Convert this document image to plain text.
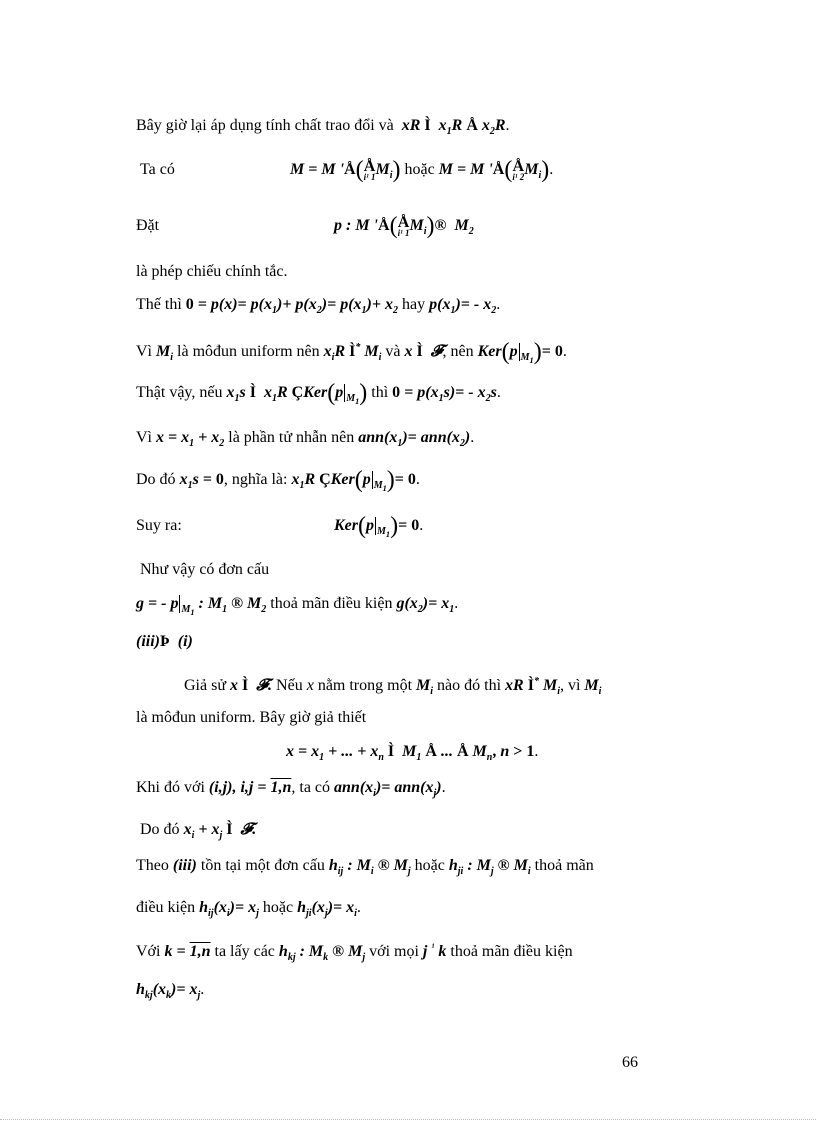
Bây giờ lại áp dụng tính chất trao đổi và  xR Ì  $x_1R$ Å $x_2R$.
Ta có	M = M 'Å( Å
i¹ 1 $M_i$) hoặc M = M 'Å( Å
i¹ 2 $M_i$).
Đặt	p : M 'Å( Å
i¹ 1 $M_i)®$ $M_2$
là phép chiếu chính tắc.
Thế thì $0 = p(x)= p(x_1)+ p(x_2)= p(x_1)+ x_2$ hay $p(x_1)= - x_2$.
Vì $M_i$ là môđun uniform nên $x_iR$ Ì* $M_i$ và x Ì  𝓕, nên Ker(p $_{M_1}$)= 0.
Thật vậy, nếu $x_1s$ Ì  $x_1R$ ÇKer(p $_{M_1}$) thì $0 = p(x_1s)= - x_2s$.
Vì $x = x_1 + x_2$ là phần tử nhẫn nên $ann(x_1)= ann(x_2)$.
Do đó $x_1s = 0$, nghĩa là: $x_1R$ ÇKer(p $_{M_1}$)= 0.
Suy ra:	Ker(p $_{M_1}$)= 0.
Như vậy có đơn cấu
g = - p $_{M_1}$ : $M_1$ ® $M_2$ thoả mãn điều kiện $g(x_2)= x_1$.
(iii)Þ  (i)
Giả sử x Ì  𝓕. Nếu x nằm trong một $M_i$ nào đó thì xR Ì* $M_i$, vì $M_i$
là môđun uniform. Bây giờ giả thiết
$x = x_1$ + ... + $x_n$ Ì  $M_1$ Å ... Å $M_n$, n > 1.
Khi đó với (i,j), i,j = 1,n, ta có $ann(x_i)= ann(x_j)$.
Do đó $x_i + x_j$ Ì  𝓕.
Theo (iii) tồn tại một đơn cấu $h_{ij}$ : $M_i$ ® $M_j$ hoặc $h_{ji}$ : $M_j$ ® $M_i$ thoả mãn
điều kiện $h_{ij}(x_i)= x_j$ hoặc $h_{ji}(x_j)= x_i$.
Với k = 1,n ta lấy các $h_{kj}$ : $M_k$ ® $M_j$ với mọi j $^{^1}$ k thoả mãn điều kiện
$h_{kj}(x_k)= x_j$.
66
